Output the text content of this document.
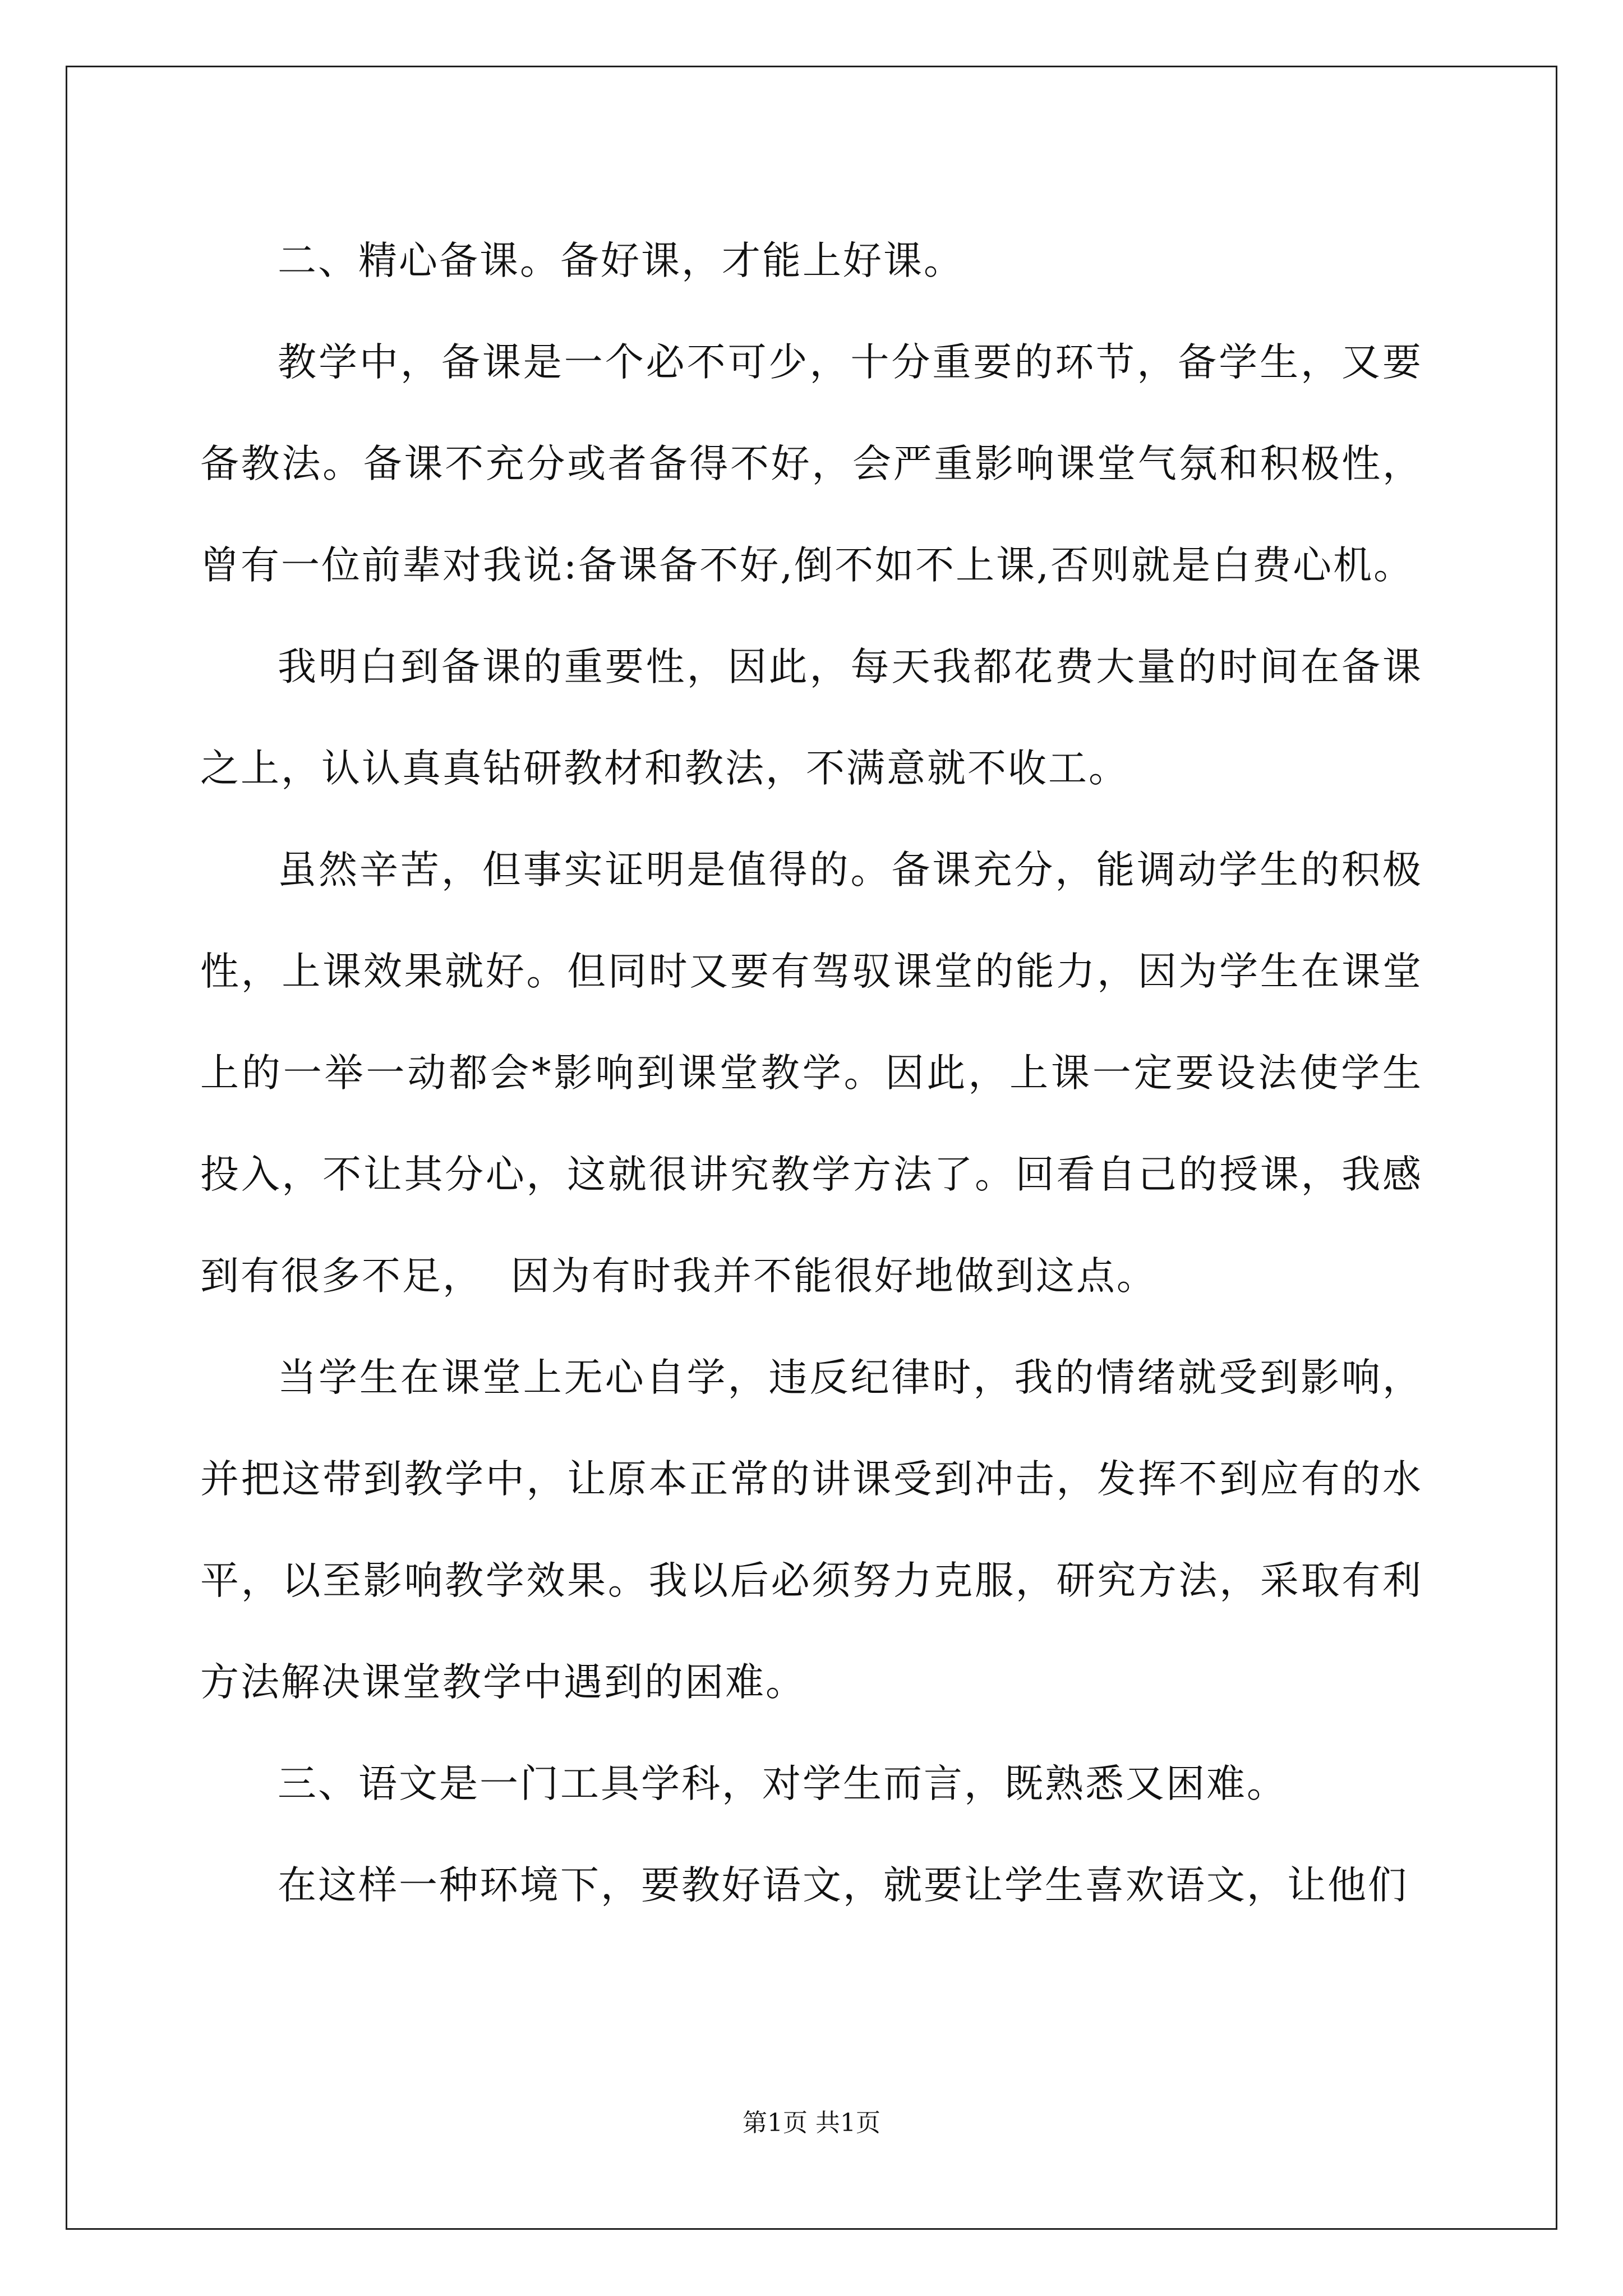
二、精心备课。备好课，才能上好课。

教学中，备课是一个必不可少，十分重要的环节，备学生，又要备教法。备课不充分或者备得不好，会严重影响课堂气氛和积极性，曾有一位前辈对我说:备课备不好,倒不如不上课,否则就是白费心机。

我明白到备课的重要性，因此，每天我都花费大量的时间在备课之上，认认真真钻研教材和教法，不满意就不收工。

虽然辛苦，但事实证明是值得的。备课充分，能调动学生的积极性，上课效果就好。但同时又要有驾驭课堂的能力，因为学生在课堂上的一举一动都会*影响到课堂教学。因此，上课一定要设法使学生投入，不让其分心，这就很讲究教学方法了。回看自己的授课，我感到有很多不足，  因为有时我并不能很好地做到这点。

当学生在课堂上无心自学，违反纪律时，我的情绪就受到影响，并把这带到教学中，让原本正常的讲课受到冲击，发挥不到应有的水平，以至影响教学效果。我以后必须努力克服，研究方法，采取有利方法解决课堂教学中遇到的困难。

三、语文是一门工具学科，对学生而言，既熟悉又困难。

在这样一种环境下，要教好语文，就要让学生喜欢语文，让他们

第1页 共1页
